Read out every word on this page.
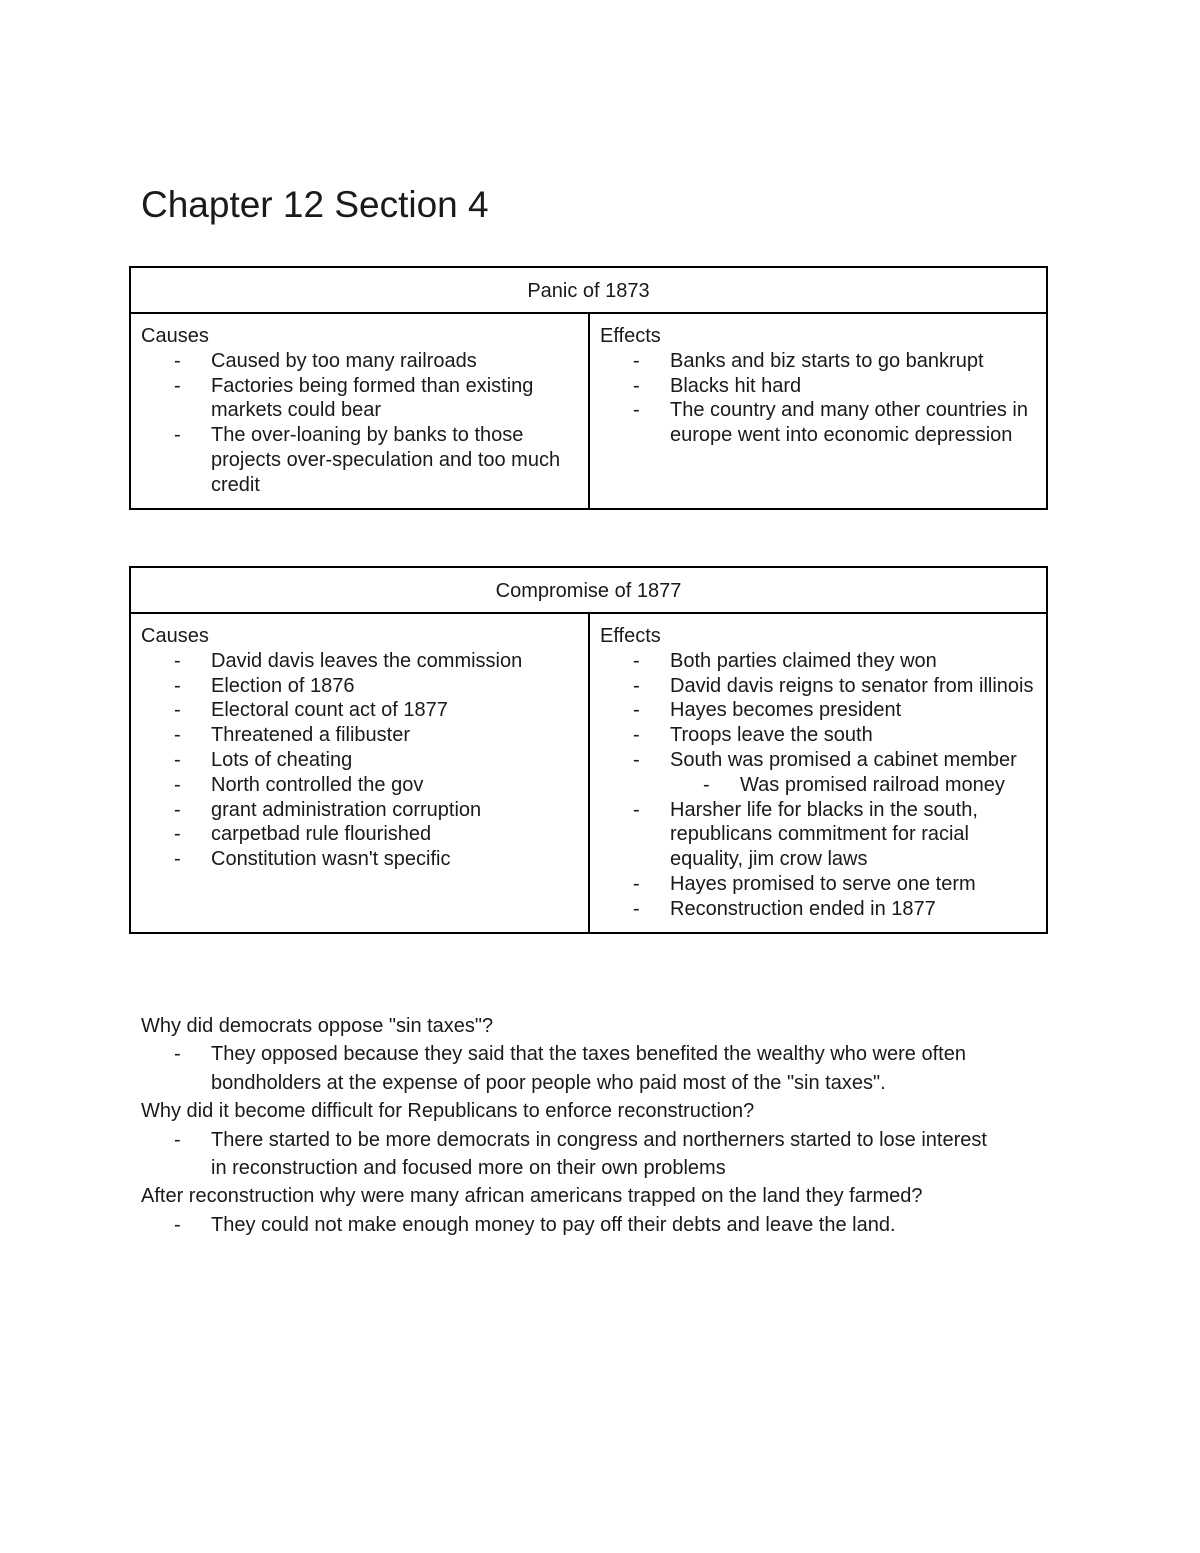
Chapter 12 Section 4
Panic of 1873
Causes
- Caused by too many railroads
- Factories being formed than existing markets could bear
- The over-loaning by banks to those projects over-speculation and too much credit
Effects
- Banks and biz starts to go bankrupt
- Blacks hit hard
- The country and many other countries in europe went into economic depression
Compromise of 1877
Causes
- David davis leaves the commission
- Election of 1876
- Electoral count act of 1877
- Threatened a filibuster
- Lots of cheating
- North controlled the gov
- grant administration corruption
- carpetbad rule flourished
- Constitution wasn't specific
Effects
- Both parties claimed they won
- David davis reigns to senator from illinois
- Hayes becomes president
- Troops leave the south
- South was promised a cabinet member
- Was promised railroad money
- Harsher life for blacks in the south, republicans commitment for racial equality, jim crow laws
- Hayes promised to serve one term
- Reconstruction ended in 1877

Why did democrats oppose "sin taxes"?

- They opposed because they said that the taxes benefited the wealthy who were often
bondholders at the expense of poor people who paid most of the "sin taxes".

Why did it become difficult for Republicans to enforce reconstruction?

- There started to be more democrats in congress and northerners started to lose interest
in reconstruction and focused more on their own problems

After reconstruction why were many african americans trapped on the land they farmed?

- They could not make enough money to pay off their debts and leave the land.
